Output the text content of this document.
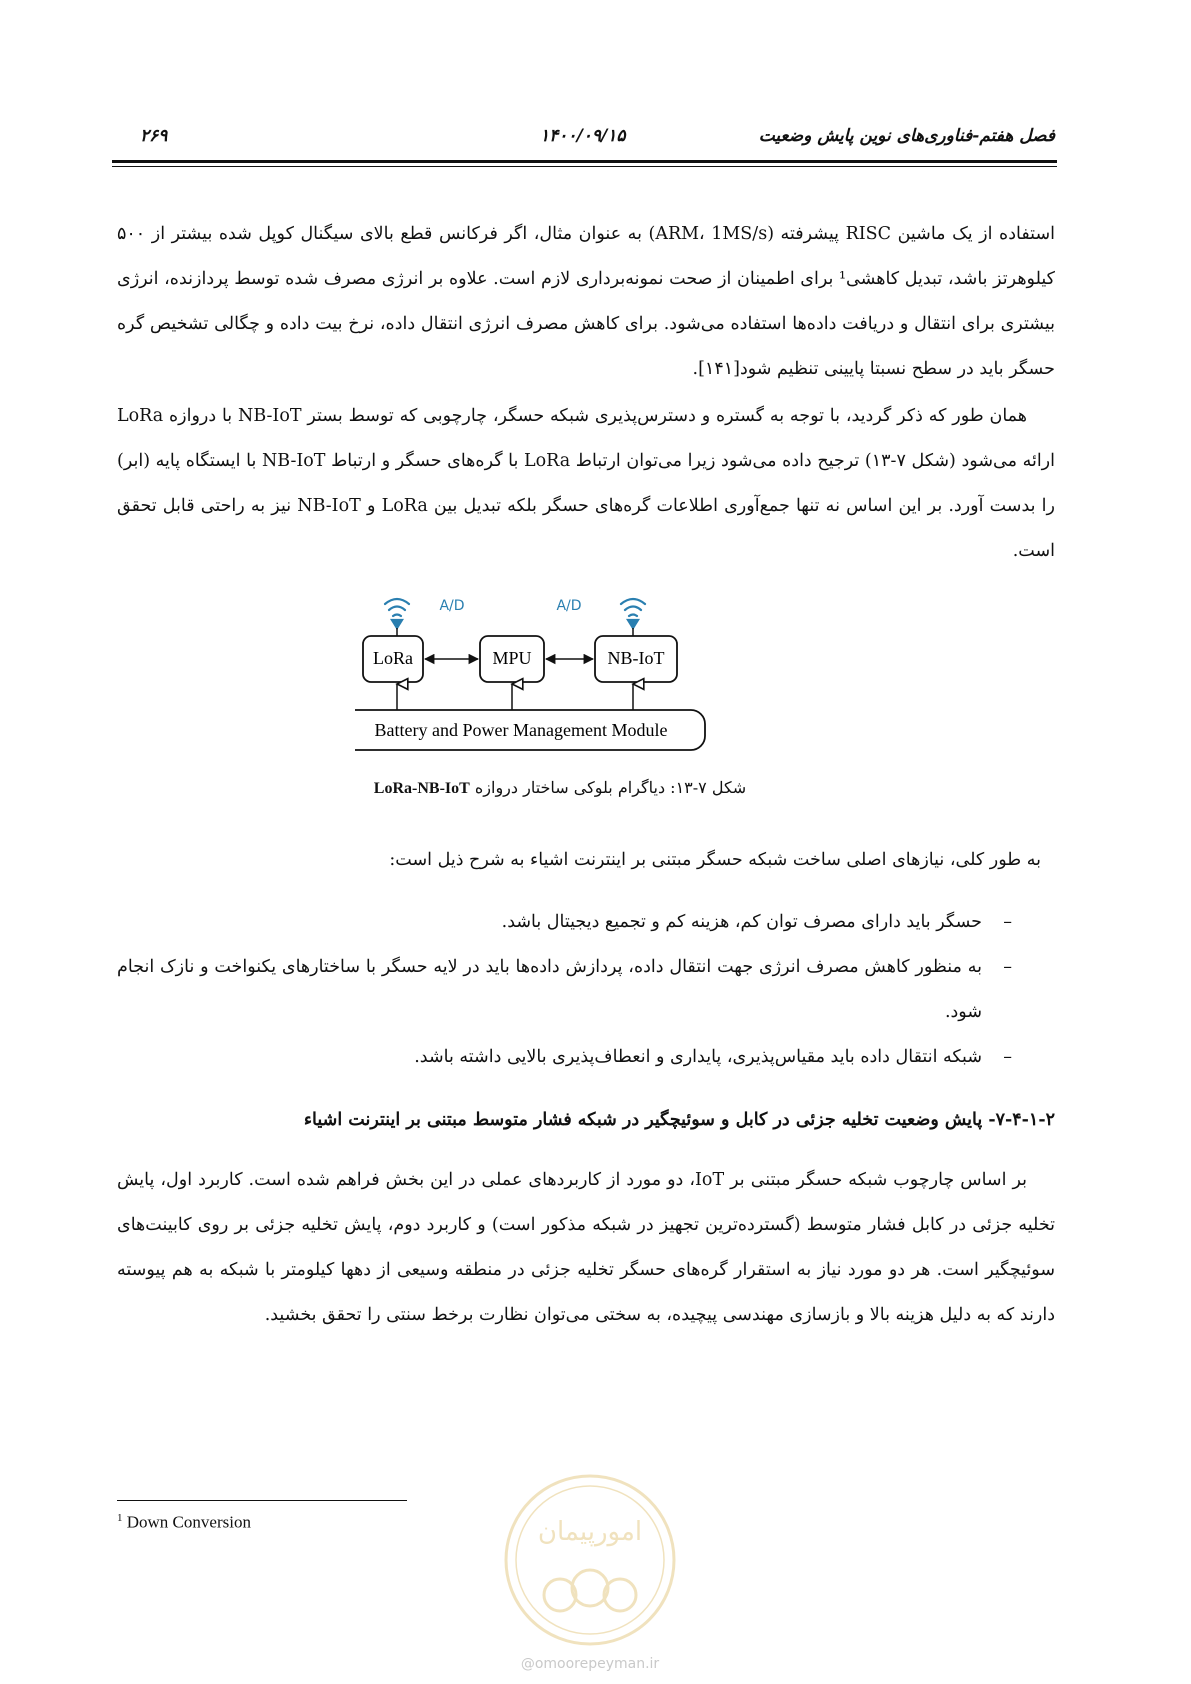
فصل هفتم-فناوری‌های نوین پایش وضعیت
۱۴۰۰/۰۹/۱۵
۲۶۹

استفاده از یک ماشین RISC پیشرفته (ARM، 1MS/s) به عنوان مثال، اگر فرکانس قطع بالای سیگنال کوپل شده بیشتر از ۵۰۰ کیلوهرتز باشد، تبدیل کاهشی¹ برای اطمینان از صحت نمونه‌برداری لازم است. علاوه بر انرژی مصرف شده توسط پردازنده، انرژی بیشتری برای انتقال و دریافت داده‌ها استفاده می‌شود. برای کاهش مصرف انرژی انتقال داده، نرخ بیت داده و چگالی تشخیص گره حسگر باید در سطح نسبتا پایینی تنظیم شود[۱۴۱].

همان طور که ذکر گردید، با توجه به گستره و دسترس‌پذیری شبکه حسگر، چارچوبی که توسط بستر NB-IoT با دروازه LoRa ارائه می‌شود (شکل ۷-۱۳) ترجیح داده می‌شود زیرا می‌توان ارتباط LoRa با گره‌های حسگر و ارتباط NB-IoT با ایستگاه پایه (ابر) را بدست آورد. بر این اساس نه تنها جمع‌آوری اطلاعات گره‌های حسگر بلکه تبدیل بین LoRa و NB-IoT نیز به راحتی قابل تحقق است.

LoRa	MPU	NB-IoT
A/D	A/D
Battery and Power Management Module
شکل ۷-۱۳: دیاگرام بلوکی ساختار دروازه LoRa-NB-IoT

به طور کلی، نیازهای اصلی ساخت شبکه حسگر مبتنی بر اینترنت اشیاء به شرح ذیل است:

– حسگر باید دارای مصرف توان کم، هزینه کم و تجمیع دیجیتال باشد.
– به منظور کاهش مصرف انرژی جهت انتقال داده، پردازش داده‌ها باید در لایه حسگر با ساختارهای یکنواخت و نازک انجام شود.
– شبکه انتقال داده باید مقیاس‌پذیری، پایداری و انعطاف‌پذیری بالایی داشته باشد.
۷-۴-۱-۲- پایش وضعیت تخلیه جزئی در کابل و سوئیچگیر در شبکه فشار متوسط مبتنی بر اینترنت اشیاء

بر اساس چارچوب شبکه حسگر مبتنی بر IoT، دو مورد از کاربردهای عملی در این بخش فراهم شده است. کاربرد اول، پایش تخلیه جزئی در کابل فشار متوسط (گسترده‌ترین تجهیز در شبکه مذکور است) و کاربرد دوم، پایش تخلیه جزئی بر روی کابینت‌های سوئیچگیر است. هر دو مورد نیاز به استقرار گره‌های حسگر تخلیه جزئی در منطقه وسیعی از دهها کیلومتر با شبکه به هم پیوسته دارند که به دلیل هزینه بالا و بازسازی مهندسی پیچیده، به سختی می‌توان نظارت برخط سنتی را تحقق بخشید.

$^1$ Down Conversion	امورپیمان
@omoorepeyman.ir
